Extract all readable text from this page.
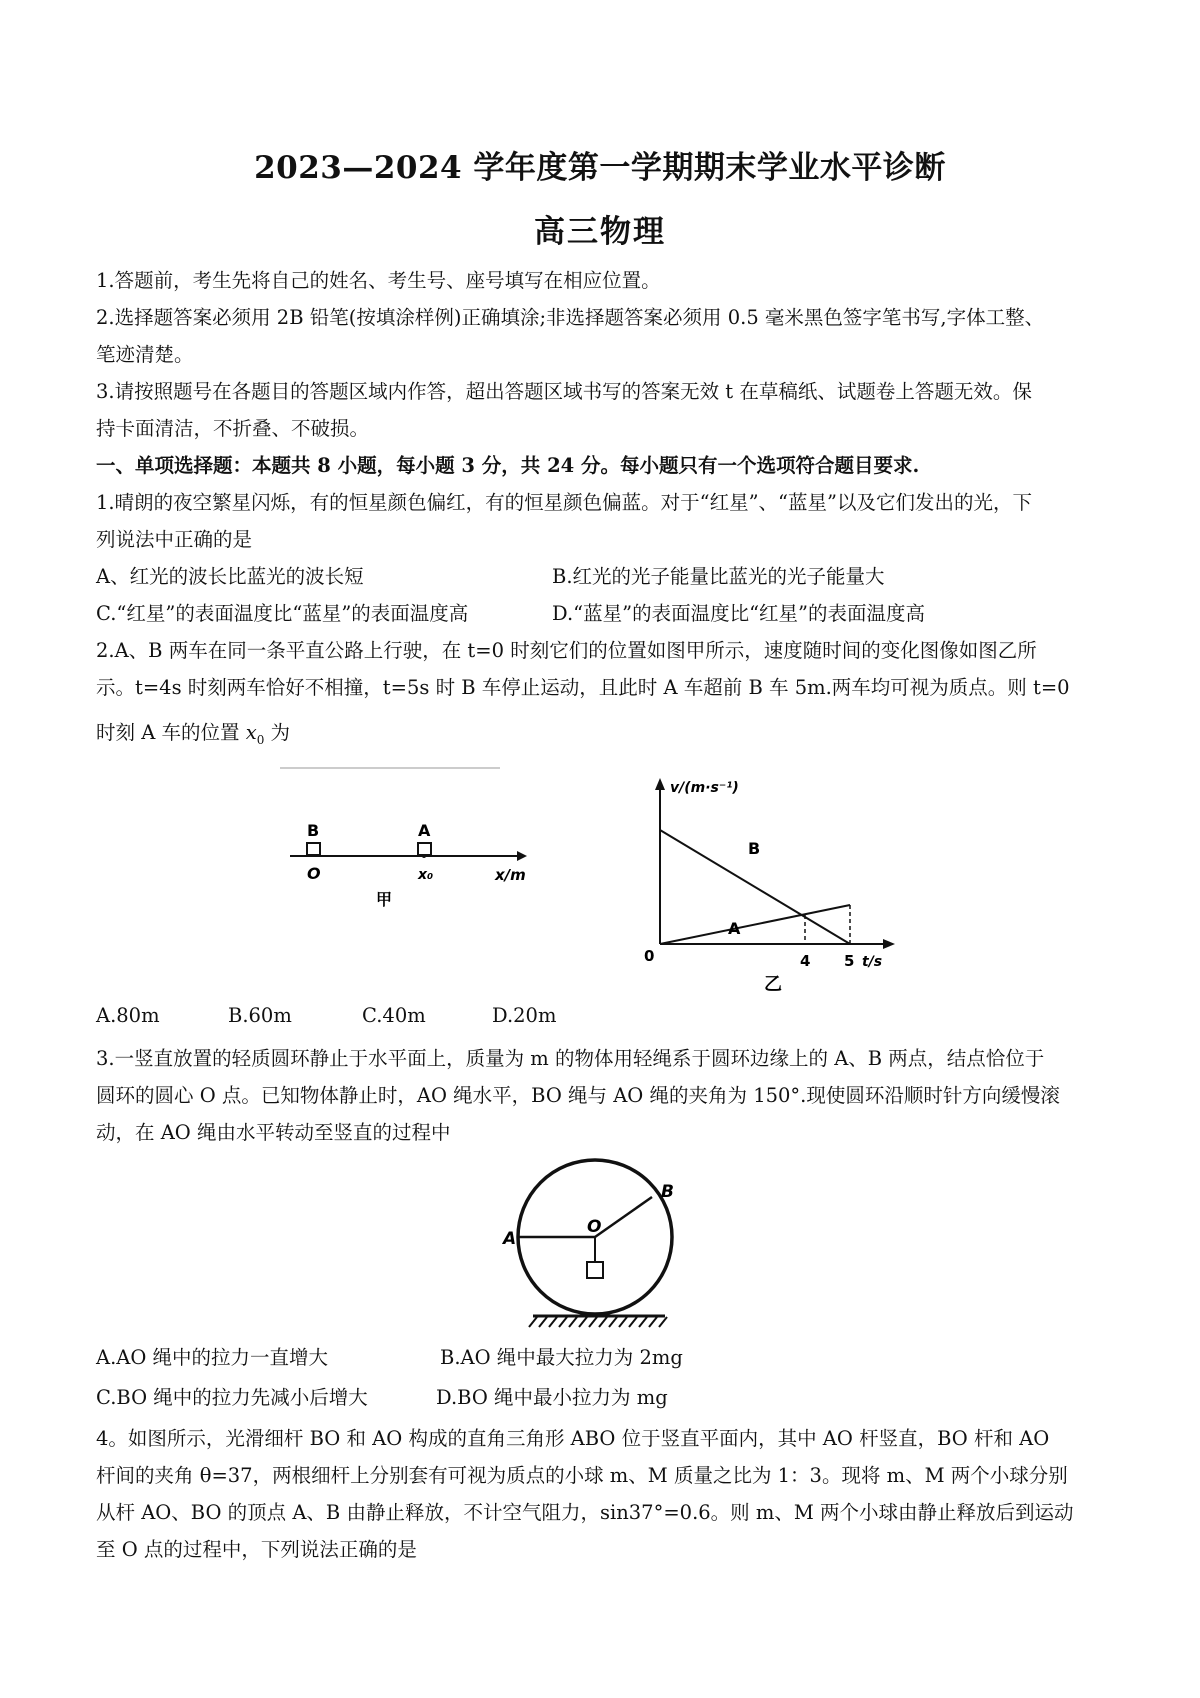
2023—2024 学年度第一学期期末学业水平诊断
高三物理

1.答题前，考生先将自己的姓名、考生号、座号填写在相应位置。

2.选择题答案必须用 2B 铅笔(按填涂样例)正确填涂;非选择题答案必须用 0.5 毫米黑色签字笔书写,字体工整、

笔迹清楚。

3.请按照题号在各题目的答题区域内作答，超出答题区域书写的答案无效 t 在草稿纸、试题卷上答题无效。保

持卡面清洁，不折叠、不破损。

一、单项选择题：本题共 8 小题，每小题 3 分，共 24 分。每小题只有一个选项符合题目要求.

1.晴朗的夜空繁星闪烁，有的恒星颜色偏红，有的恒星颜色偏蓝。对于“红星”、“蓝星”以及它们发出的光，下

列说法中正确的是

A、红光的波长比蓝光的波长短	B.红光的光子能量比蓝光的光子能量大
C.“红星”的表面温度比“蓝星”的表面温度高	D.“蓝星”的表面温度比“红星”的表面温度高

2.A、B 两车在同一条平直公路上行驶，在 t=0 时刻它们的位置如图甲所示，速度随时间的变化图像如图乙所

示。t=4s 时刻两车恰好不相撞，t=5s 时 B 车停止运动，且此时 A 车超前 B 车 5m.两车均可视为质点。则 t=0

时刻 A 车的位置 $x_0$ 为

B	A
O	x₀	x/m
甲
v/(m·s⁻¹)
t/s
0	4 5
B
A
乙
A.80m	B.60m	C.40m	D.20m

3.一竖直放置的轻质圆环静止于水平面上，质量为 m 的物体用轻绳系于圆环边缘上的 A、B 两点，结点恰位于

圆环的圆心 O 点。已知物体静止时，AO 绳水平，BO 绳与 AO 绳的夹角为 150°.现使圆环沿顺时针方向缓慢滚

动，在 AO 绳由水平转动至竖直的过程中

A
B
O
A.AO 绳中的拉力一直增大	B.AO 绳中最大拉力为 2mg
C.BO 绳中的拉力先减小后增大	D.BO 绳中最小拉力为 mg

4。如图所示，光滑细杆 BO 和 AO 构成的直角三角形 ABO 位于竖直平面内，其中 AO 杆竖直，BO 杆和 AO

杆间的夹角 θ=37，两根细杆上分别套有可视为质点的小球 m、M 质量之比为 1：3。现将 m、M 两个小球分别

从杆 AO、BO 的顶点 A、B 由静止释放，不计空气阻力，sin37°=0.6。则 m、M 两个小球由静止释放后到运动

至 O 点的过程中，下列说法正确的是
